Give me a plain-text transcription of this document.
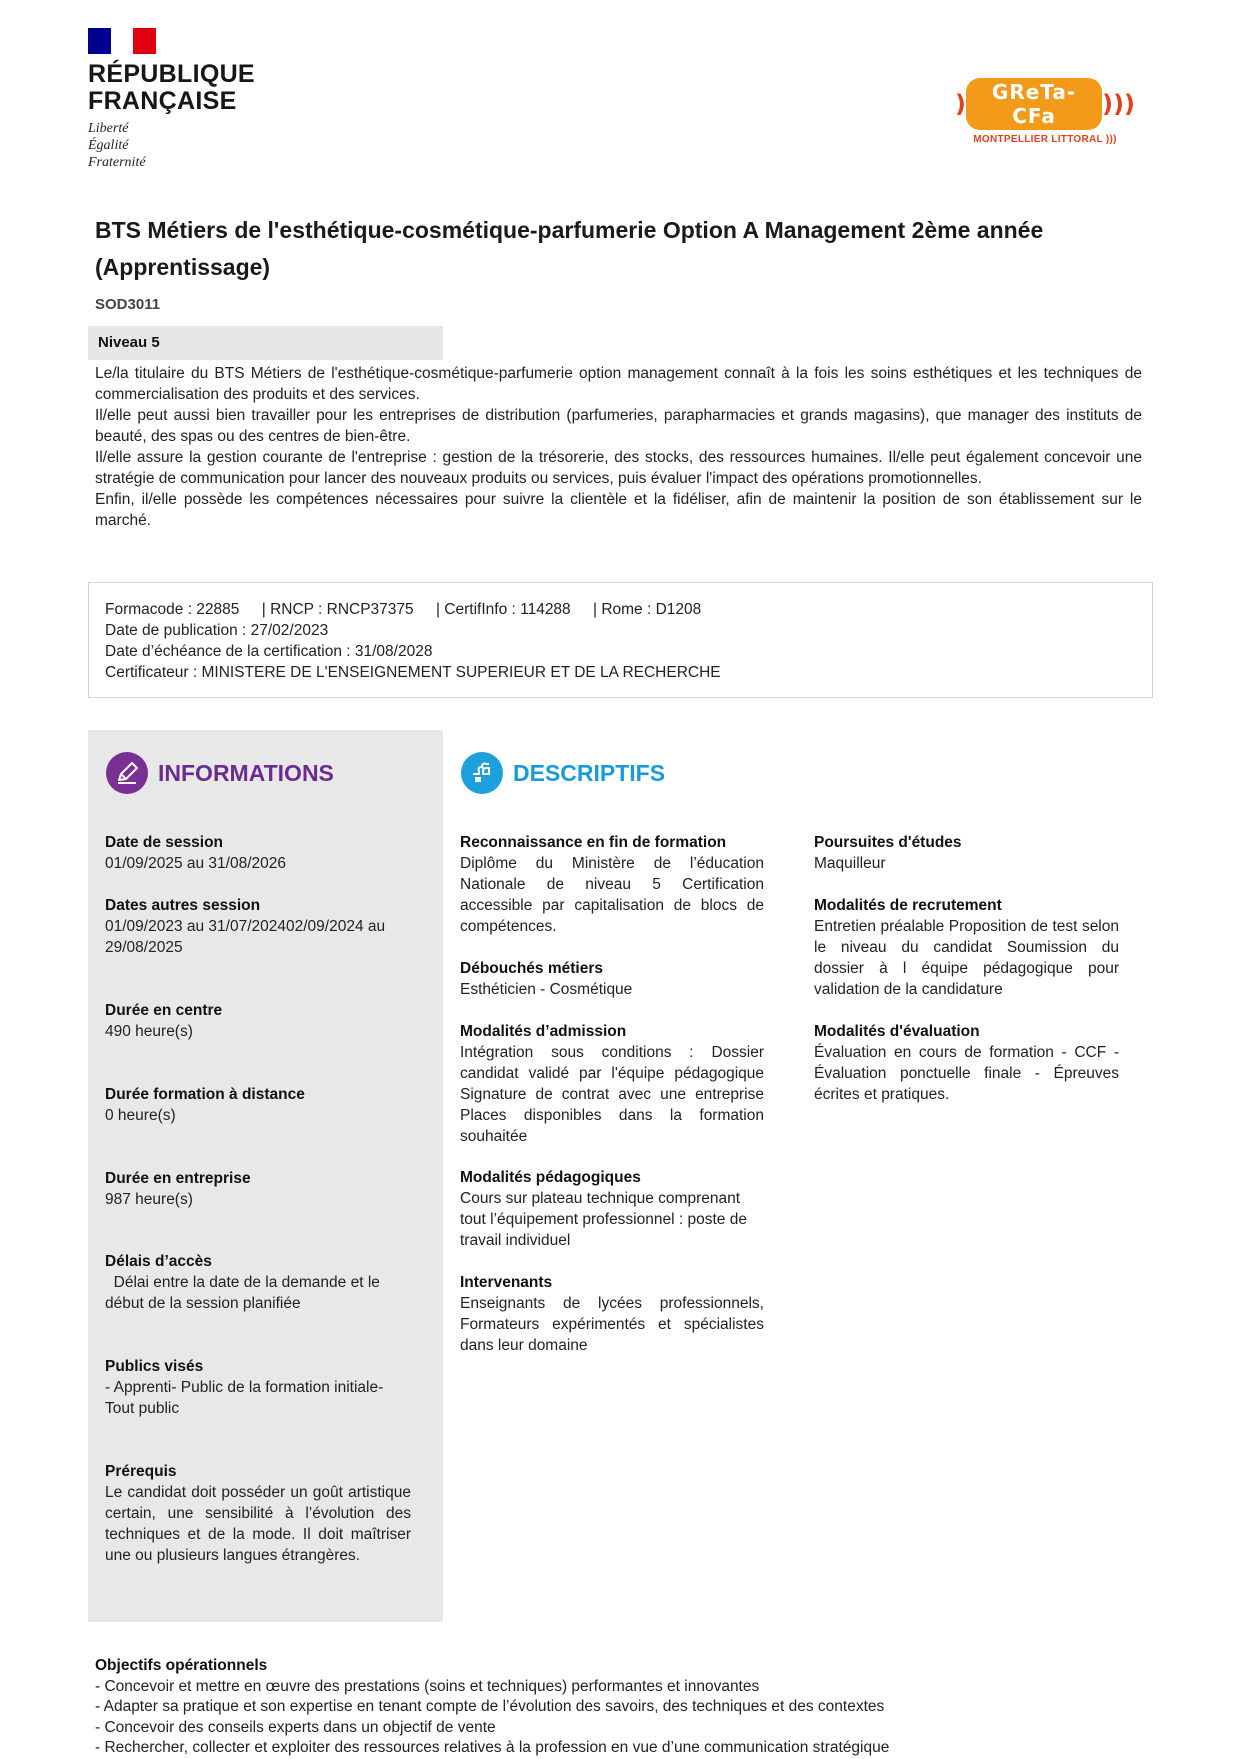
RÉPUBLIQUE
FRANÇAISE
Liberté
Égalité
Fraternité
)	GReTa-CFa	)))
MONTPELLIER LITTORAL )))
BTS Métiers de l'esthétique-cosmétique-parfumerie Option A Management 2ème année (Apprentissage)
SOD3011
Niveau 5

Le/la titulaire du BTS Métiers de l'esthétique-cosmétique-parfumerie option management connaît à la fois les soins esthétiques et les techniques de commercialisation des produits et des services.

Il/elle peut aussi bien travailler pour les entreprises de distribution (parfumeries, parapharmacies et grands magasins), que manager des instituts de beauté, des spas ou des centres de bien-être.

Il/elle assure la gestion courante de l'entreprise : gestion de la trésorerie, des stocks, des ressources humaines. Il/elle peut également concevoir une stratégie de communication pour lancer des nouveaux produits ou services, puis évaluer l'impact des opérations promotionnelles.

Enfin, il/elle possède les compétences nécessaires pour suivre la clientèle et la fidéliser, afin de maintenir la position de son établissement sur le marché.

Formacode : 22885 | RNCP : RNCP37375 | CertifInfo : 114288 | Rome : D1208
Date de publication : 27/02/2023
Date d’échéance de la certification : 31/08/2028
Certificateur : MINISTERE DE L'ENSEIGNEMENT SUPERIEUR ET DE LA RECHERCHE
INFORMATIONS
Date de session
01/09/2025 au 31/08/2026
Dates autres session
01/09/2023 au 31/07/202402/09/2024 au 29/08/2025
Durée en centre
490 heure(s)
Durée formation à distance
0 heure(s)
Durée en entreprise
987 heure(s)
Délais d’accès
Délai entre la date de la demande et le début de la session planifiée
Publics visés
- Apprenti- Public de la formation initiale- Tout public
Prérequis
Le candidat doit posséder un goût artistique certain, une sensibilité à l’évolution des techniques et de la mode. Il doit maîtriser une ou plusieurs langues étrangères.
DESCRIPTIFS
Reconnaissance en fin de formation
Diplôme du Ministère de l’éducation Nationale de niveau 5 Certification accessible par capitalisation de blocs de compétences.
Débouchés métiers
Esthéticien - Cosmétique
Modalités d’admission
Intégration sous conditions : Dossier candidat validé par l'équipe pédagogique Signature de contrat avec une entreprise Places disponibles dans la formation souhaitée
Modalités pédagogiques
Cours sur plateau technique comprenant tout l’équipement professionnel : poste de travail individuel
Intervenants
Enseignants de lycées professionnels, Formateurs expérimentés et spécialistes dans leur domaine
Poursuites d'études
Maquilleur
Modalités de recrutement
Entretien préalable Proposition de test selon le niveau du candidat Soumission du dossier à l équipe pédagogique pour validation de la candidature
Modalités d'évaluation
Évaluation en cours de formation - CCF - Évaluation ponctuelle finale - Épreuves écrites et pratiques.
Objectifs opérationnels
- Concevoir et mettre en œuvre des prestations (soins et techniques) performantes et innovantes
- Adapter sa pratique et son expertise en tenant compte de l’évolution des savoirs, des techniques et des contextes
- Concevoir des conseils experts dans un objectif de vente
- Rechercher, collecter et exploiter des ressources relatives à la profession en vue d’une communication stratégique
